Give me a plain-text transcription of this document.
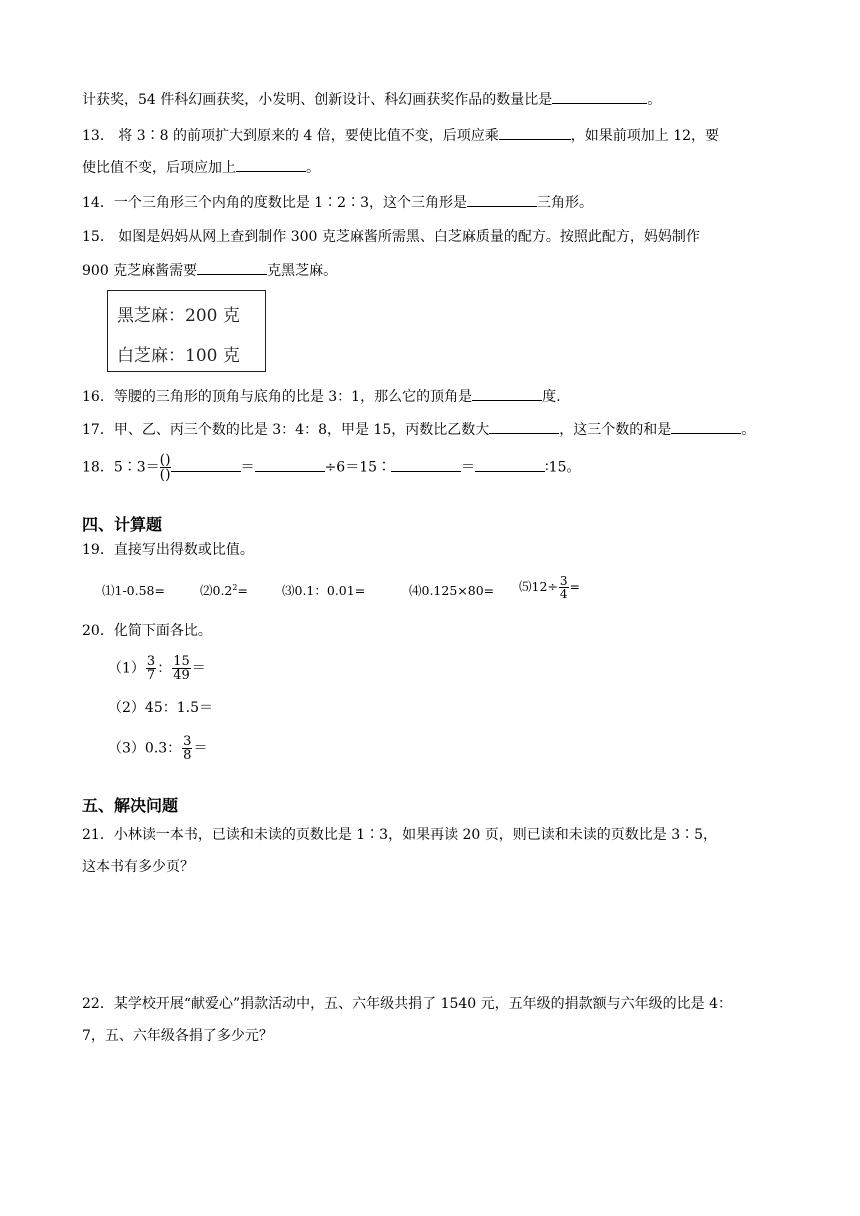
计获奖，54 件科幻画获奖，小发明、创新设计、科幻画获奖作品的数量比是	。
13． 将 3∶8 的前项扩大到原来的 4 倍，要使比值不变，后项应乘	，如果前项加上 12，要
使比值不变，后项应加上	。
14．一个三角形三个内角的度数比是 1∶2∶3，这个三角形是	三角形。
15． 如图是妈妈从网上查到制作 300 克芝麻酱所需黑、白芝麻质量的配方。按照此配方，妈妈制作
900 克芝麻酱需要	克黑芝麻。
黑芝麻：200 克
白芝麻：100 克
16．等腰的三角形的顶角与底角的比是 3：1，那么它的顶角是	度.
17．甲、乙、丙三个数的比是 3：4：8，甲是 15，丙数比乙数大	，这三个数的和是	。
18．5∶3＝ $\frac{()}{()}$	＝	÷6＝15∶	＝	∶15。
四、计算题
19．直接写出得数或比值。
⑴1-0.58=	$⑵0.2^2=$	⑶0.1：0.01=	⑷0.125×80= ⑸12÷ $\frac{3}{4}$ =
20．化简下面各比。
$(1) \frac{3}{7}$ ： $\frac{15}{49}$ ＝
（2）45：1.5＝
（3）0.3： $\frac{3}{8}$ ＝
五、解决问题
21．小林读一本书，已读和未读的页数比是 1∶3，如果再读 20 页，则已读和未读的页数比是 3∶5，
这本书有多少页？
22．某学校开展“献爱心”捐款活动中，五、六年级共捐了 1540 元，五年级的捐款额与六年级的比是 4：
7，五、六年级各捐了多少元？
